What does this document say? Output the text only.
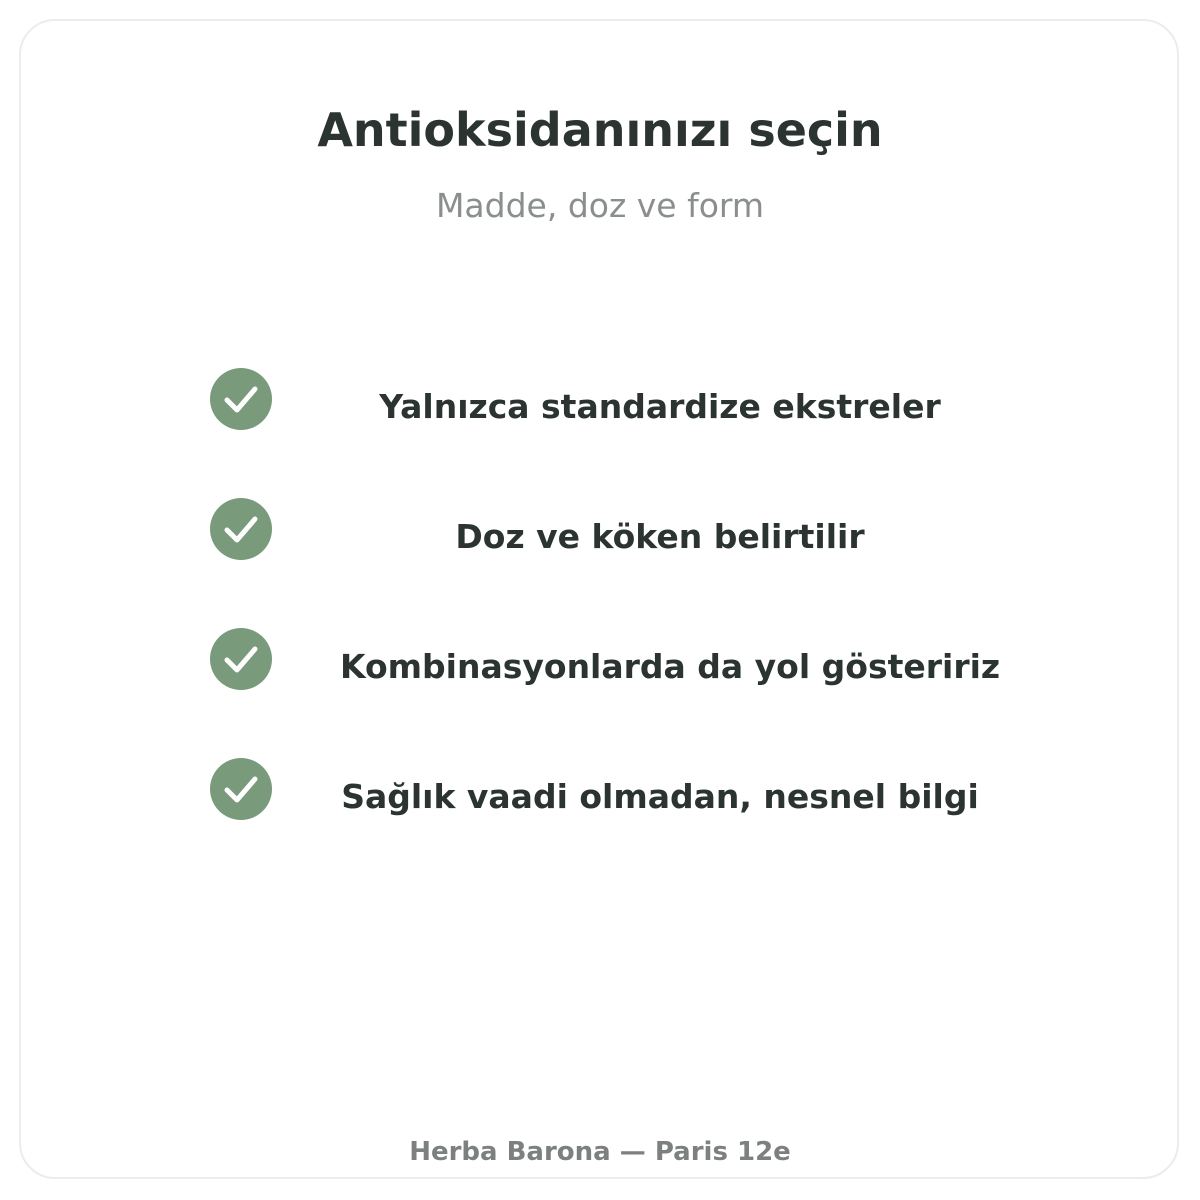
Antioksidanınızı seçin

Madde, doz ve form

Yalnızca standardize ekstreler
Doz ve köken belirtilir
Kombinasyonlarda da yol gösteririz
Sağlık vaadi olmadan, nesnel bilgi

Herba Barona — Paris 12e
